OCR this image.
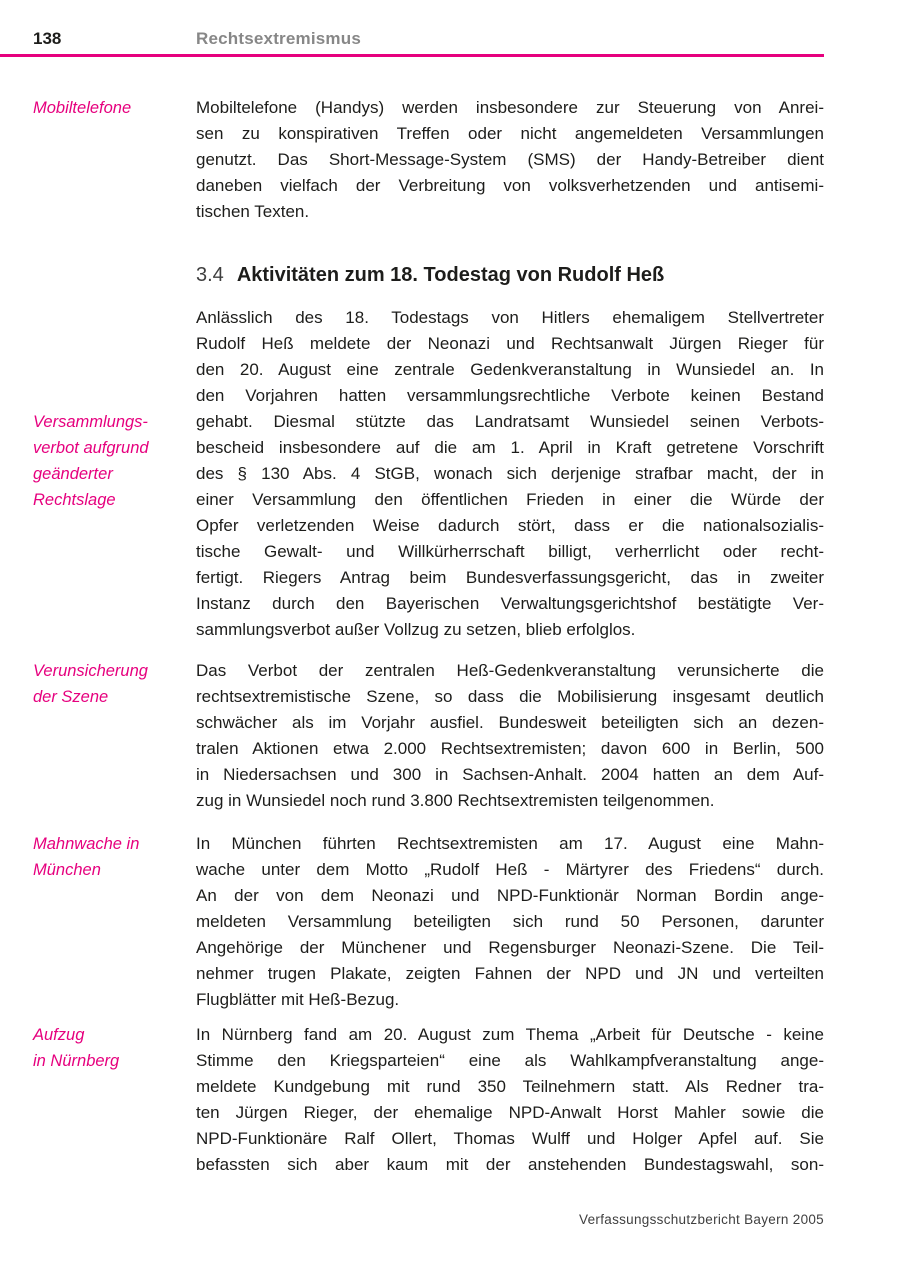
138	Rechtsextremismus
Mobiltelefone	Mobiltelefone (Handys) werden insbesondere zur Steuerung von Anrei-
sen zu konspirativen Treffen oder nicht angemeldeten Versammlungen
genutzt. Das Short-Message-System (SMS) der Handy-Betreiber dient
daneben vielfach der Verbreitung von volksverhetzenden und antisemi-
tischen Texten.
3.4 Aktivitäten zum 18. Todestag von Rudolf Heß
Versammlungs-
verbot aufgrund
geänderter
Rechtslage
Anlässlich des 18. Todestags von Hitlers ehemaligem Stellvertreter
Rudolf Heß meldete der Neonazi und Rechtsanwalt Jürgen Rieger für
den 20. August eine zentrale Gedenkveranstaltung in Wunsiedel an. In
den Vorjahren hatten versammlungsrechtliche Verbote keinen Bestand
gehabt. Diesmal stützte das Landratsamt Wunsiedel seinen Verbots-
bescheid insbesondere auf die am 1. April in Kraft getretene Vorschrift
des § 130 Abs. 4 StGB, wonach sich derjenige strafbar macht, der in
einer Versammlung den öffentlichen Frieden in einer die Würde der
Opfer verletzenden Weise dadurch stört, dass er die nationalsozialis-
tische Gewalt- und Willkürherrschaft billigt, verherrlicht oder recht-
fertigt. Riegers Antrag beim Bundesverfassungsgericht, das in zweiter
Instanz durch den Bayerischen Verwaltungsgerichtshof bestätigte Ver-
sammlungsverbot außer Vollzug zu setzen, blieb erfolglos.
Verunsicherung
der Szene
Das Verbot der zentralen Heß-Gedenkveranstaltung verunsicherte die
rechtsextremistische Szene, so dass die Mobilisierung insgesamt deutlich
schwächer als im Vorjahr ausfiel. Bundesweit beteiligten sich an dezen-
tralen Aktionen etwa 2.000 Rechtsextremisten; davon 600 in Berlin, 500
in Niedersachsen und 300 in Sachsen-Anhalt. 2004 hatten an dem Auf-
zug in Wunsiedel noch rund 3.800 Rechtsextremisten teilgenommen.
Mahnwache in
München
In München führten Rechtsextremisten am 17. August eine Mahn-
wache unter dem Motto „Rudolf Heß - Märtyrer des Friedens“ durch.
An der von dem Neonazi und NPD-Funktionär Norman Bordin ange-
meldeten Versammlung beteiligten sich rund 50 Personen, darunter
Angehörige der Münchener und Regensburger Neonazi-Szene. Die Teil-
nehmer trugen Plakate, zeigten Fahnen der NPD und JN und verteilten
Flugblätter mit Heß-Bezug.
Aufzug
in Nürnberg
In Nürnberg fand am 20. August zum Thema „Arbeit für Deutsche - keine
Stimme den Kriegsparteien“ eine als Wahlkampfveranstaltung ange-
meldete Kundgebung mit rund 350 Teilnehmern statt. Als Redner tra-
ten Jürgen Rieger, der ehemalige NPD-Anwalt Horst Mahler sowie die
NPD-Funktionäre Ralf Ollert, Thomas Wulff und Holger Apfel auf. Sie
befassten sich aber kaum mit der anstehenden Bundestagswahl, son-
Verfassungsschutzbericht Bayern 2005
